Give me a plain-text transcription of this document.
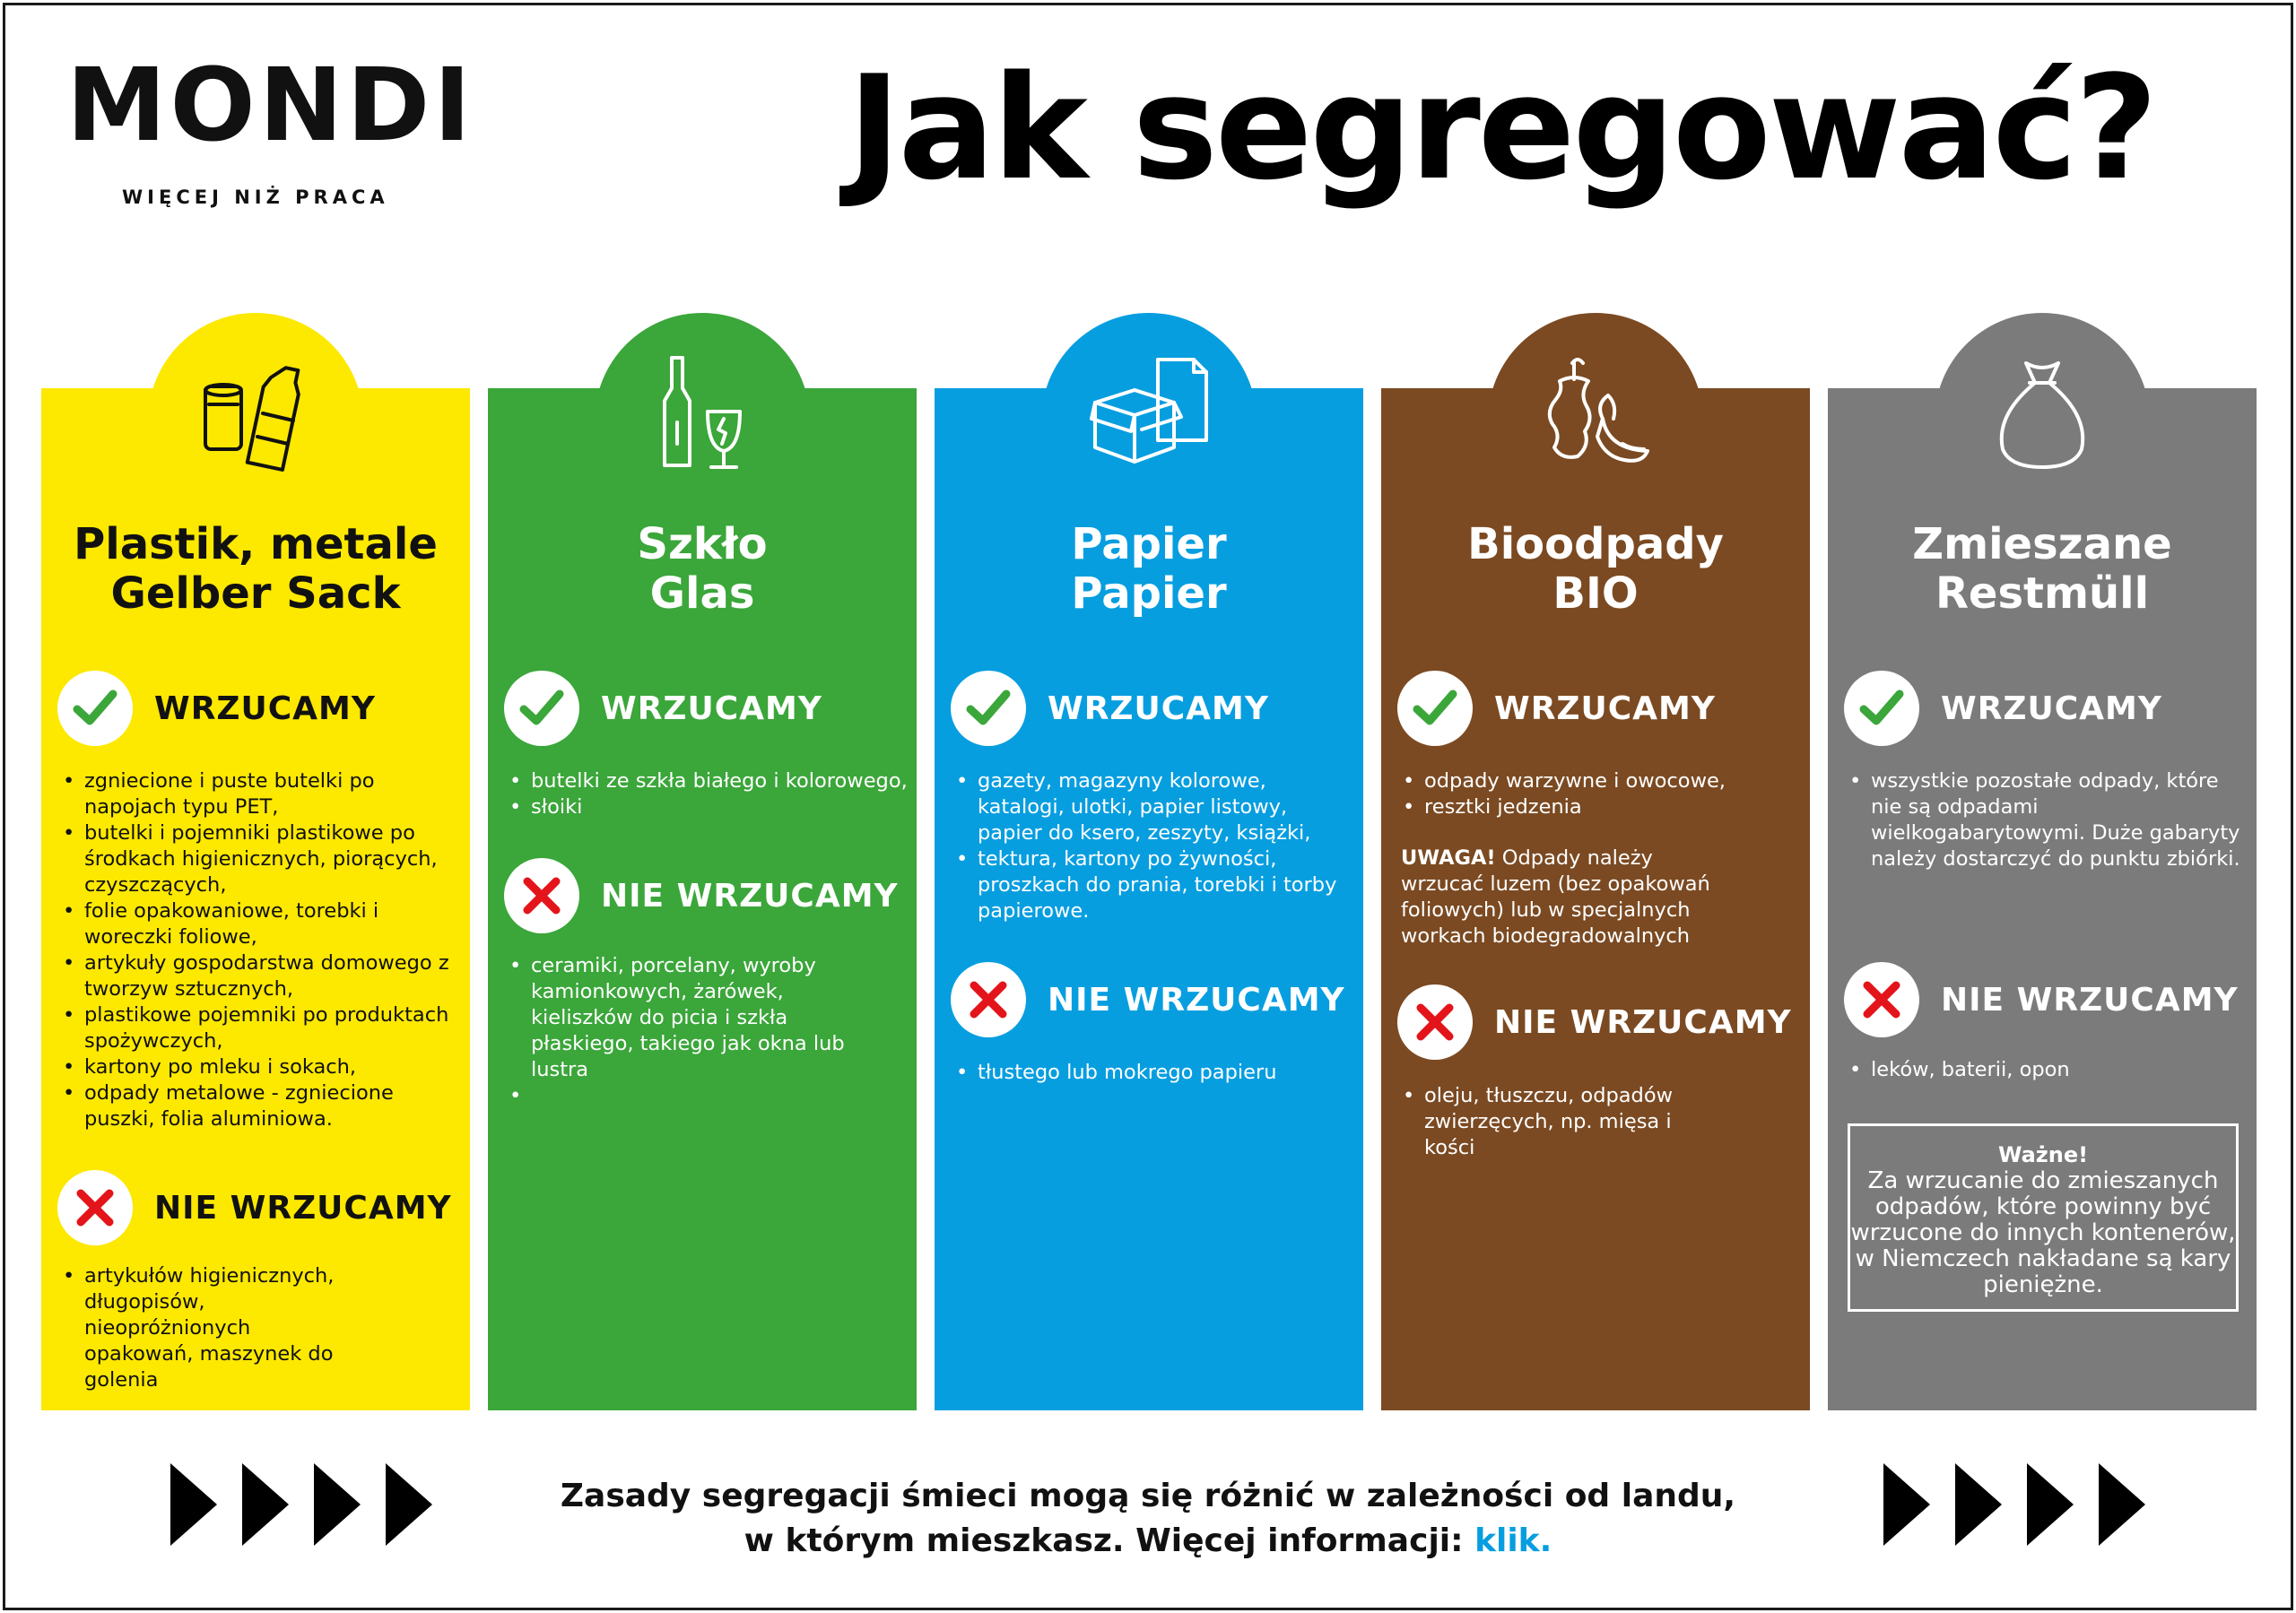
MONDI
WIĘCEJ NIŻ PRACA	Jak segregować?
Plastik, metale
Gelber Sack
WRZUCAMY
• zgniecione i puste butelki po napojach typu PET,
• butelki i pojemniki plastikowe po środkach higienicznych, piorących, czyszczących,
• folie opakowaniowe, torebki i woreczki foliowe,
• artykuły gospodarstwa domowego z tworzyw sztucznych,
• plastikowe pojemniki po produktach spożywczych,
• kartony po mleku i sokach,
• odpady metalowe - zgniecione puszki, folia aluminiowa.
NIE WRZUCAMY
• artykułów higienicznych, długopisów, nieopróżnionych opakowań, maszynek do golenia
Szkło
Glas
WRZUCAMY
• butelki ze szkła białego i kolorowego,
• słoiki
NIE WRZUCAMY
• ceramiki, porcelany, wyroby kamionkowych, żarówek, kieliszków do picia i szkła płaskiego, takiego jak okna lub lustra
•
Papier
Papier
WRZUCAMY
• gazety, magazyny kolorowe, katalogi, ulotki, papier listowy, papier do ksero, zeszyty, książki,
• tektura, kartony po żywności, proszkach do prania, torebki i torby papierowe.
NIE WRZUCAMY
• tłustego lub mokrego papieru
Bioodpady
BIO
WRZUCAMY
• odpady warzywne i owocowe,
• resztki jedzenia

UWAGA! Odpady należy wrzucać luzem (bez opakowań foliowych) lub w specjalnych workach biodegradowalnych

NIE WRZUCAMY
• oleju, tłuszczu, odpadów zwierzęcych, np. mięsa i kości
Zmieszane
Restmüll
WRZUCAMY
• wszystkie pozostałe odpady, które nie są odpadami wielkogabarytowymi. Duże gabaryty należy dostarczyć do punktu zbiórki.
NIE WRZUCAMY
• leków, baterii, opon
Ważne!
Za wrzucanie do zmieszanych odpadów, które powinny być wrzucone do innych kontenerów, w Niemczech nakładane są kary pieniężne.
Zasady segregacji śmieci mogą się różnić w zależności od landu,
w którym mieszkasz. Więcej informacji: klik.
